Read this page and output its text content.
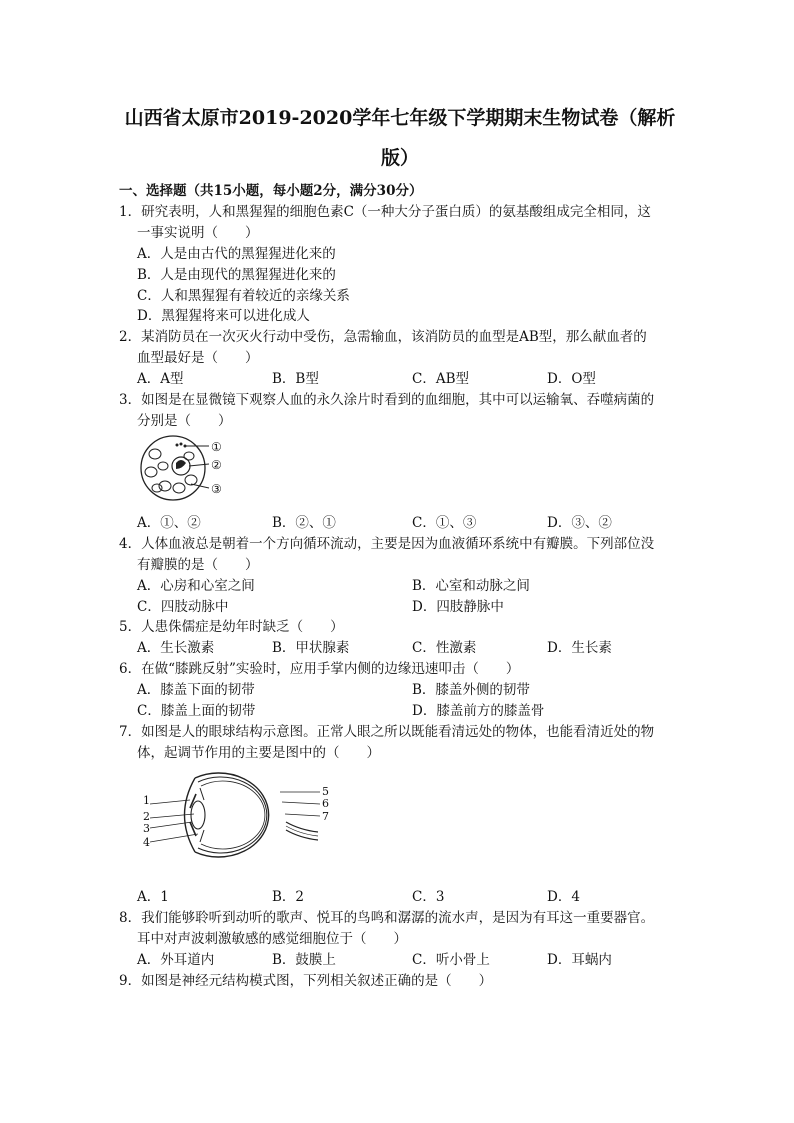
山西省太原市2019-2020学年七年级下学期期末生物试卷（解析
版）
一、选择题（共15小题，每小题2分，满分30分）
1．研究表明，人和黑猩猩的细胞色素C（一种大分子蛋白质）的氨基酸组成完全相同，这
一事实说明（　　）
A．人是由古代的黑猩猩进化来的
B．人是由现代的黑猩猩进化来的
C．人和黑猩猩有着较近的亲缘关系
D．黑猩猩将来可以进化成人
2．某消防员在一次灭火行动中受伤，急需输血，该消防员的血型是AB型，那么献血者的
血型最好是（　　）
A．A型	B．B型	C．AB型	D．O型
3．如图是在显微镜下观察人血的永久涂片时看到的血细胞，其中可以运输氧、吞噬病菌的
分别是（　　）
①
②
③
A．①、②	B．②、①	C．①、③	D．③、②
4．人体血液总是朝着一个方向循环流动，主要是因为血液循环系统中有瓣膜。下列部位没
有瓣膜的是（　　）
A．心房和心室之间	B．心室和动脉之间
C．四肢动脉中	D．四肢静脉中
5．人患侏儒症是幼年时缺乏（　　）
A．生长激素	B．甲状腺素	C．性激素	D．生长素
6．在做“膝跳反射”实验时，应用手掌内侧的边缘迅速叩击（　　）
A．膝盖下面的韧带	B．膝盖外侧的韧带
C．膝盖上面的韧带	D．膝盖前方的膝盖骨
7．如图是人的眼球结构示意图。正常人眼之所以既能看清远处的物体，也能看清近处的物
体，起调节作用的主要是图中的（　　）
1
2
3
4
5
6
7
A．1	B．2	C．3	D．4
8．我们能够聆听到动听的歌声、悦耳的鸟鸣和潺潺的流水声，是因为有耳这一重要器官。
耳中对声波刺激敏感的感觉细胞位于（　　）
A．外耳道内	B．鼓膜上	C．听小骨上	D．耳蜗内
9．如图是神经元结构模式图，下列相关叙述正确的是（　　）
